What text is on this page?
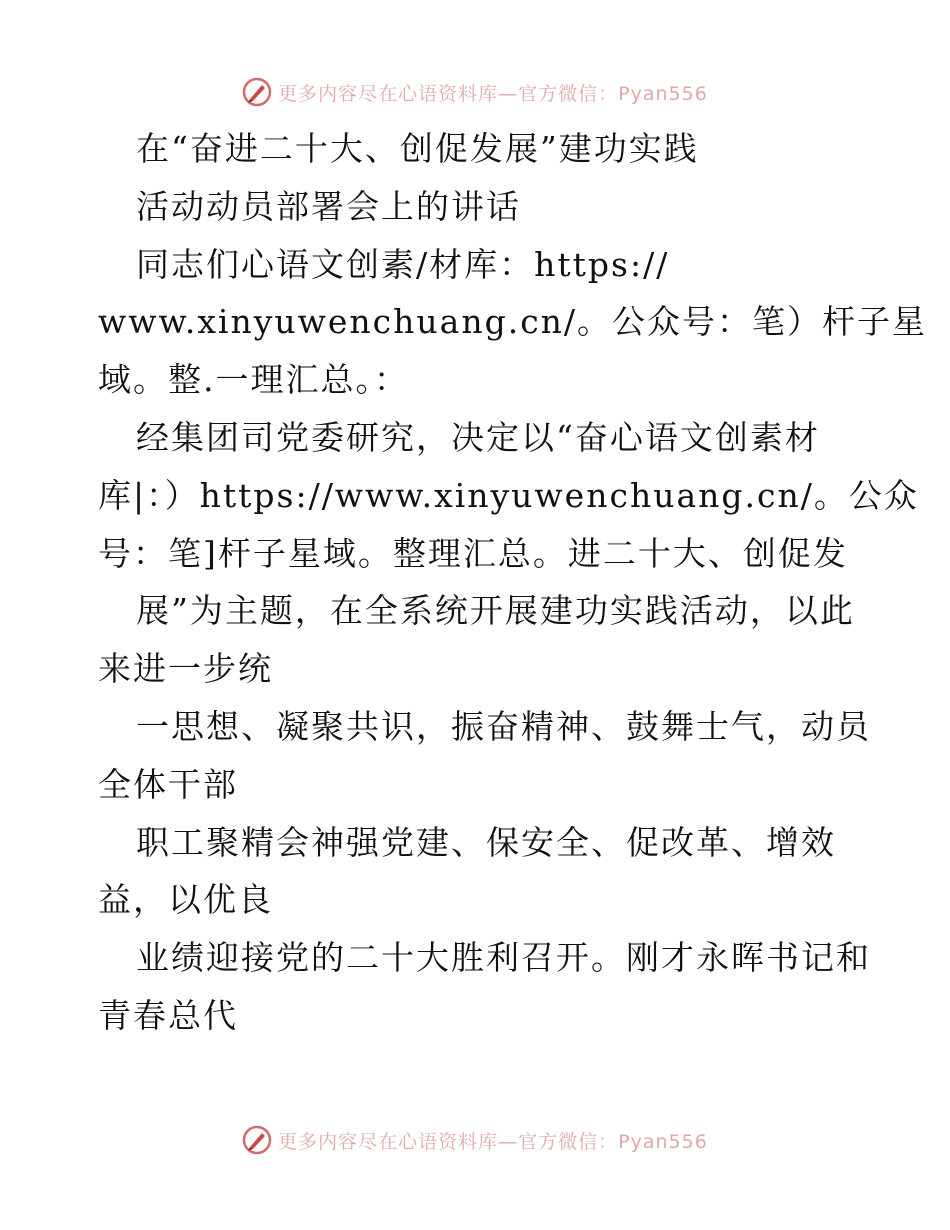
更多内容尽在心语资料库—官方微信：Pyan556
在“奋进二十大、创促发展”建功实践
活动动员部署会上的讲话
同志们心语文创素/材库：https://
www.xinyuwenchuang.cn/。公众号：笔）杆子星
域。整.一理汇总。：
经集团司党委研究，决定以“奋心语文创素材
库|：）https://www.xinyuwenchuang.cn/。公众
号：笔]杆子星域。整理汇总。进二十大、创促发
展”为主题，在全系统开展建功实践活动，以此
来进一步统
一思想、凝聚共识，振奋精神、鼓舞士气，动员
全体干部
职工聚精会神强党建、保安全、促改革、增效
益，以优良
业绩迎接党的二十大胜利召开。刚才永晖书记和
青春总代
更多内容尽在心语资料库—官方微信：Pyan556
